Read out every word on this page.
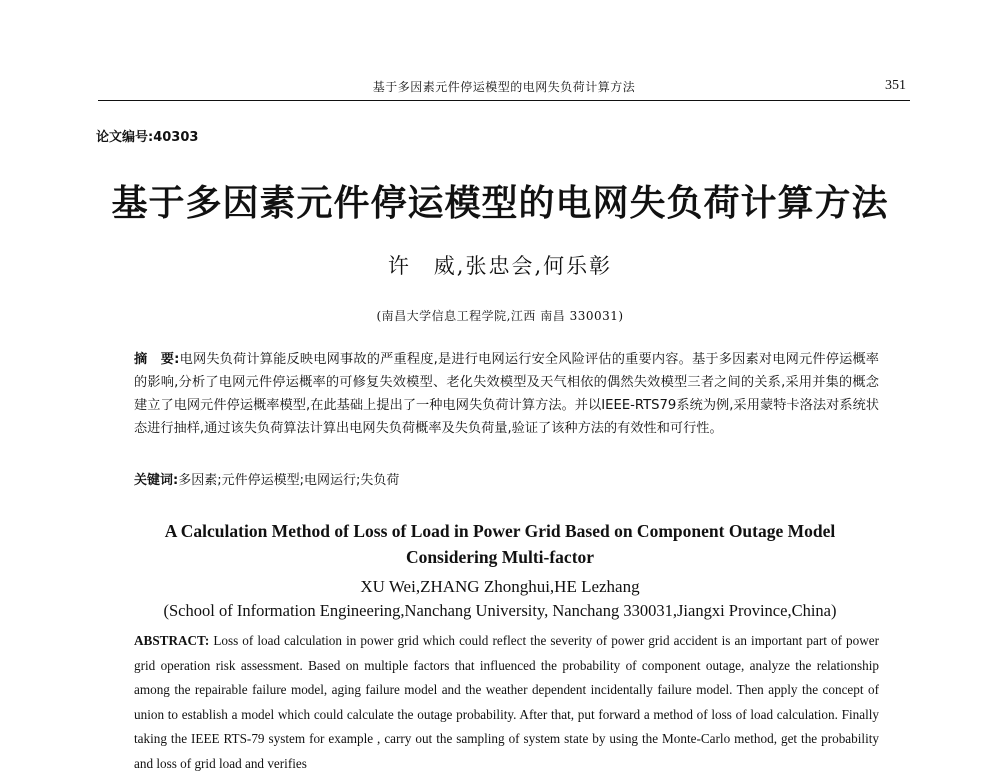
基于多因素元件停运模型的电网失负荷计算方法	351
论文编号:40303
基于多因素元件停运模型的电网失负荷计算方法
许　威,张忠会,何乐彰
(南昌大学信息工程学院,江西 南昌 330031)
摘　要:电网失负荷计算能反映电网事故的严重程度,是进行电网运行安全风险评估的重要内容。基于多因素对电网元件停运概率的影响,分析了电网元件停运概率的可修复失效模型、老化失效模型及天气相依的偶然失效模型三者之间的关系,采用并集的概念建立了电网元件停运概率模型,在此基础上提出了一种电网失负荷计算方法。并以IEEE-RTS79系统为例,采用蒙特卡洛法对系统状态进行抽样,通过该失负荷算法计算出电网失负荷概率及失负荷量,验证了该种方法的有效性和可行性。
关键词:多因素;元件停运模型;电网运行;失负荷
A Calculation Method of Loss of Load in Power Grid Based on Component Outage Model
Considering Multi-factor
XU Wei,ZHANG Zhonghui,HE Lezhang
(School of Information Engineering,Nanchang University, Nanchang 330031,Jiangxi Province,China)
ABSTRACT: Loss of load calculation in power grid which could reflect the severity of power grid accident is an important part of power grid operation risk assessment. Based on multiple factors that influenced the probability of component outage, analyze the relationship among the repairable failure model, aging failure model and the weather dependent incidentally failure model. Then apply the concept of union to establish a model which could calculate the outage probability. After that, put forward a method of loss of load calculation. Finally taking the IEEE RTS-79 system for example , carry out the sampling of system state by using the Monte-Carlo method, get the probability and loss of grid load and verifies
